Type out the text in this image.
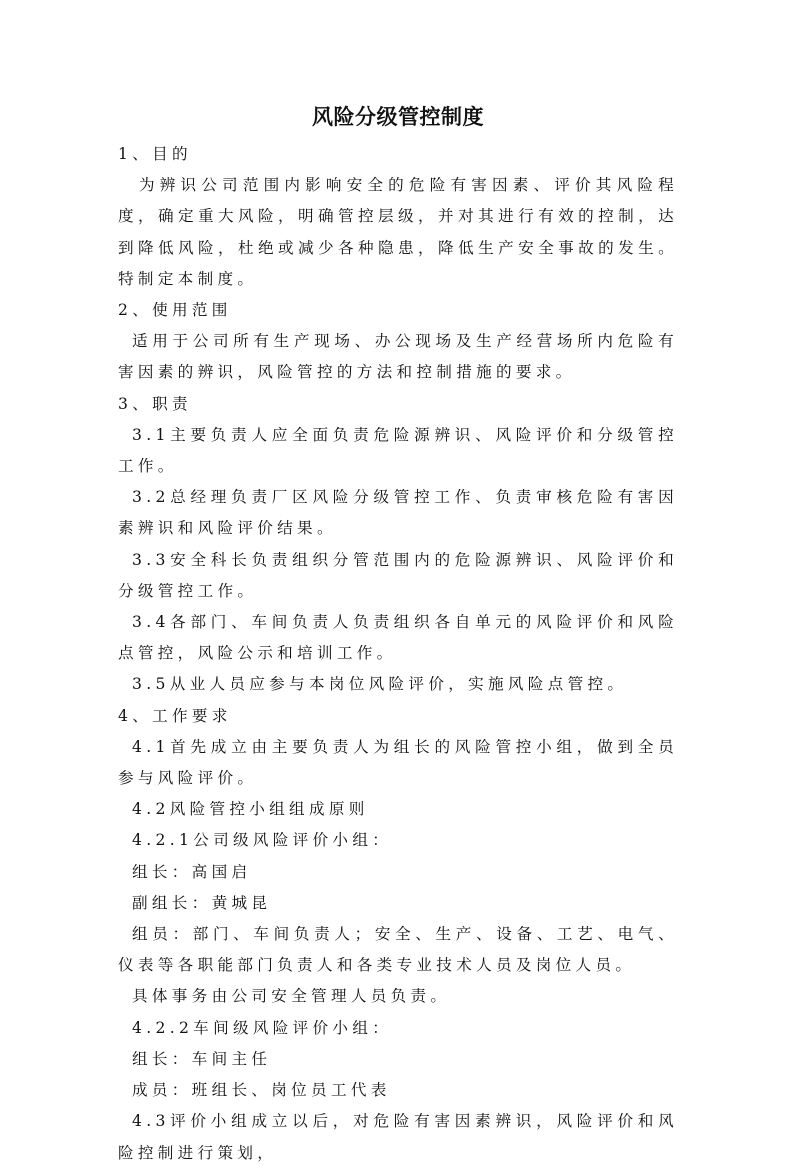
风险分级管控制度

1、目的

为辨识公司范围内影响安全的危险有害因素、评价其风险程度，确定重大风险，明确管控层级，并对其进行有效的控制，达到降低风险，杜绝或减少各种隐患，降低生产安全事故的发生。特制定本制度。

2、使用范围

适用于公司所有生产现场、办公现场及生产经营场所内危险有害因素的辨识，风险管控的方法和控制措施的要求。

3、职责

3.1主要负责人应全面负责危险源辨识、风险评价和分级管控工作。

3.2总经理负责厂区风险分级管控工作、负责审核危险有害因素辨识和风险评价结果。

3.3安全科长负责组织分管范围内的危险源辨识、风险评价和分级管控工作。

3.4各部门、车间负责人负责组织各自单元的风险评价和风险点管控，风险公示和培训工作。

3.5从业人员应参与本岗位风险评价，实施风险点管控。

4、工作要求

4.1首先成立由主要负责人为组长的风险管控小组，做到全员参与风险评价。

4.2风险管控小组组成原则

4.2.1公司级风险评价小组：

组长：高国启

副组长：黄城昆

组员：部门、车间负责人；安全、生产、设备、工艺、电气、仪表等各职能部门负责人和各类专业技术人员及岗位人员。

具体事务由公司安全管理人员负责。

4.2.2车间级风险评价小组：

组长：车间主任

成员：班组长、岗位员工代表

4.3评价小组成立以后，对危险有害因素辨识，风险评价和风险控制进行策划，
